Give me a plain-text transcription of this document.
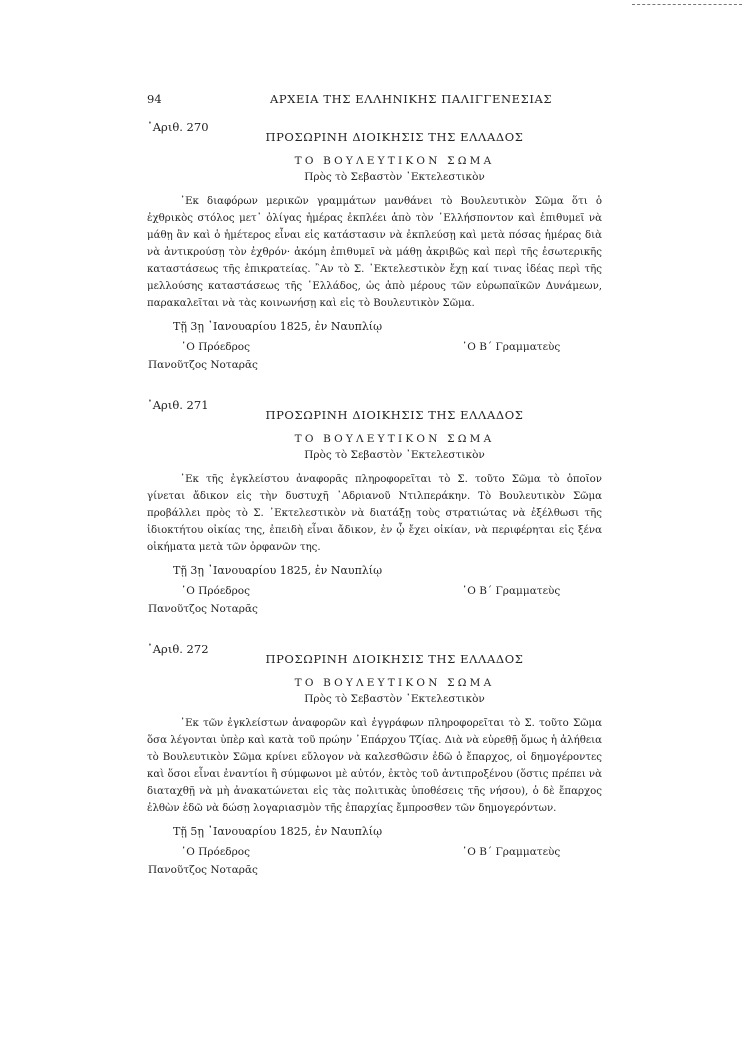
94	ΑΡΧΕΙΑ ΤΗΣ ΕΛΛΗΝΙΚΗΣ ΠΑΛΙΓΓΕΝΕΣΙΑΣ
᾿Αριθ. 270
ΠΡΟΣΩΡΙΝΗ ΔΙΟΙΚΗΣΙΣ ΤΗΣ ΕΛΛΑΔΟΣ
ΤΟ ΒΟΥΛΕΥΤΙΚΟΝ ΣΩΜΑ
Πρὸς τὸ Σεβαστὸν ᾿Εκτελεστικὸν

᾿Εκ διαφόρων μερικῶν γραμμάτων μανθάνει τὸ Βουλευτικὸν Σῶμα ὅτι ὁ ἐχθρικὸς στόλος μετ᾿ ὀλίγας ἡμέρας ἐκπλέει ἀπὸ τὸν ῾Ελλήσποντον καὶ ἐπιθυμεῖ νὰ μάθῃ ἂν καὶ ὁ ἡμέτερος εἶναι εἰς κατάστασιν νὰ ἐκπλεύσῃ καὶ μετὰ πόσας ἡμέρας διὰ νὰ ἀντικρούσῃ τὸν ἐχθρόν· ἀκόμη ἐπιθυμεῖ νὰ μάθῃ ἀκριβῶς καὶ περὶ τῆς ἐσωτερικῆς καταστάσεως τῆς ἐπικρατείας. ῍Αν τὸ Σ. ᾿Εκτελεστικὸν ἔχῃ καί τινας ἰδέας περὶ τῆς μελλούσης καταστάσεως τῆς ῾Ελλάδος, ὡς ἀπὸ μέρους τῶν εὐρωπαϊκῶν Δυνάμεων, παρακαλεῖται νὰ τὰς κοινωνήσῃ καὶ εἰς τὸ Βουλευτικὸν Σῶμα.

Τῇ 3ῃ ᾿Ιανουαρίου 1825, ἐν Ναυπλίῳ
῾Ο Πρόεδρος	῾Ο Β΄ Γραμματεὺς
Πανοῦτζος Νοταρᾶς
᾿Αριθ. 271
ΠΡΟΣΩΡΙΝΗ ΔΙΟΙΚΗΣΙΣ ΤΗΣ ΕΛΛΑΔΟΣ
ΤΟ ΒΟΥΛΕΥΤΙΚΟΝ ΣΩΜΑ
Πρὸς τὸ Σεβαστὸν ᾿Εκτελεστικὸν

᾿Εκ τῆς ἐγκλείστου ἀναφορᾶς πληροφορεῖται τὸ Σ. τοῦτο Σῶμα τὸ ὁποῖον γίνεται ἄδικον εἰς τὴν δυστυχῆ ᾿Αδριανοῦ Ντιλπεράκην. Τὸ Βουλευτικὸν Σῶμα προβάλλει πρὸς τὸ Σ. ᾿Εκτελεστικὸν νὰ διατάξῃ τοὺς στρατιώτας νὰ ἐξέλθωσι τῆς ἰδιοκτήτου οἰκίας της, ἐπειδὴ εἶναι ἄδικον, ἐν ᾧ ἔχει οἰκίαν, νὰ περιφέρηται εἰς ξένα οἰκήματα μετὰ τῶν ὀρφανῶν της.

Τῇ 3ῃ ᾿Ιανουαρίου 1825, ἐν Ναυπλίῳ
῾Ο Πρόεδρος	῾Ο Β΄ Γραμματεὺς
Πανοῦτζος Νοταρᾶς
᾿Αριθ. 272
ΠΡΟΣΩΡΙΝΗ ΔΙΟΙΚΗΣΙΣ ΤΗΣ ΕΛΛΑΔΟΣ
ΤΟ ΒΟΥΛΕΥΤΙΚΟΝ ΣΩΜΑ
Πρὸς τὸ Σεβαστὸν ᾿Εκτελεστικὸν

᾿Εκ τῶν ἐγκλείστων ἀναφορῶν καὶ ἐγγράφων πληροφορεῖται τὸ Σ. τοῦτο Σῶμα ὅσα λέγονται ὑπὲρ καὶ κατὰ τοῦ πρώην ᾿Επάρχου Τζίας. Διὰ νὰ εὑρεθῇ ὅμως ἡ ἀλήθεια τὸ Βουλευτικὸν Σῶμα κρίνει εὔλογον νὰ καλεσθῶσιν ἐδῶ ὁ ἔπαρχος, οἱ δημογέροντες καὶ ὅσοι εἶναι ἐναντίοι ἢ σύμφωνοι μὲ αὐτόν, ἐκτὸς τοῦ ἀντιπροξένου (ὅστις πρέπει νὰ διαταχθῇ νὰ μὴ ἀνακατώνεται εἰς τὰς πολιτικὰς ὑποθέσεις τῆς νήσου), ὁ δὲ ἔπαρχος ἐλθὼν ἐδῶ νὰ δώσῃ λογαριασμὸν τῆς ἐπαρχίας ἔμπροσθεν τῶν δημογερόντων.

Τῇ 5ῃ ᾿Ιανουαρίου 1825, ἐν Ναυπλίῳ
῾Ο Πρόεδρος	῾Ο Β΄ Γραμματεὺς
Πανοῦτζος Νοταρᾶς
